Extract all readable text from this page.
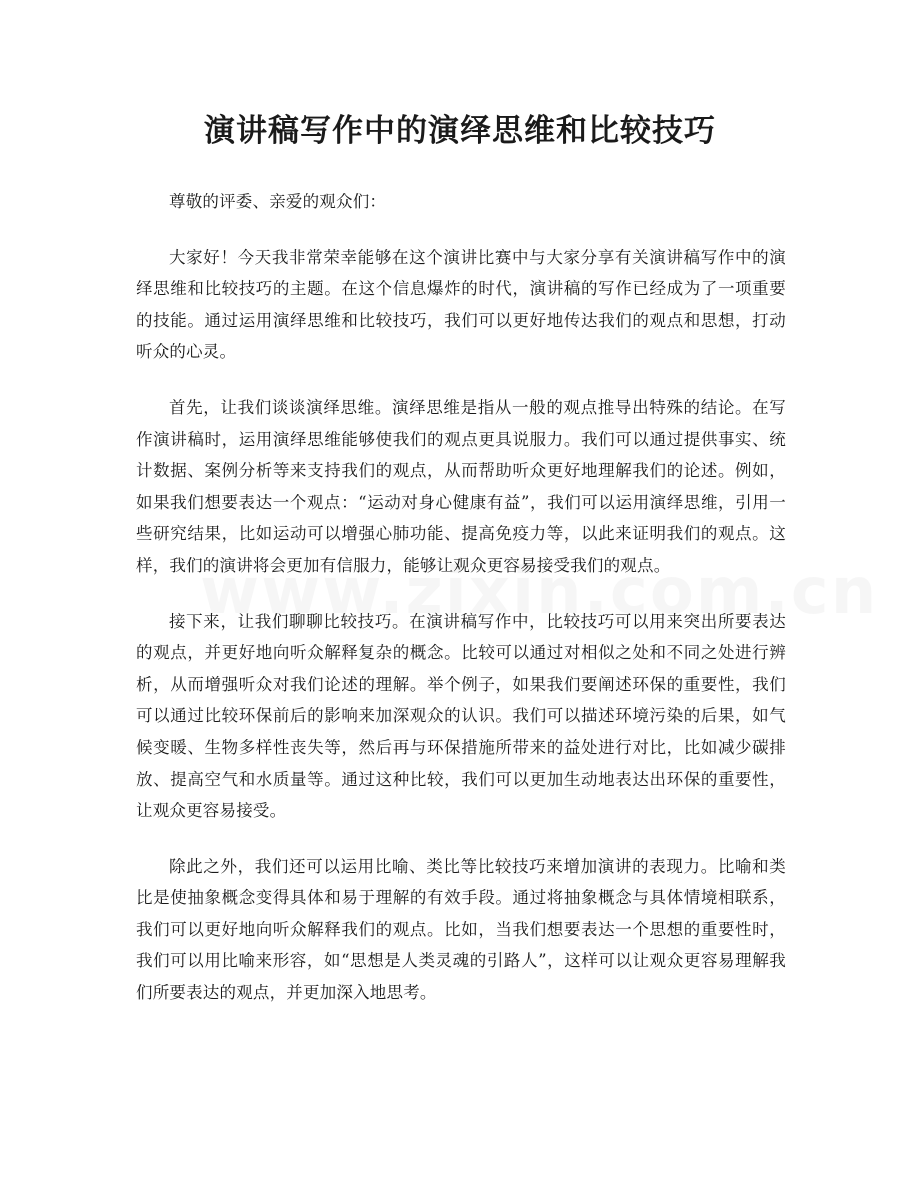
演讲稿写作中的演绎思维和比较技巧

尊敬的评委、亲爱的观众们：

大家好！今天我非常荣幸能够在这个演讲比赛中与大家分享有关演讲稿写作中的演绎思维和比较技巧的主题。在这个信息爆炸的时代，演讲稿的写作已经成为了一项重要的技能。通过运用演绎思维和比较技巧，我们可以更好地传达我们的观点和思想，打动听众的心灵。

首先，让我们谈谈演绎思维。演绎思维是指从一般的观点推导出特殊的结论。在写作演讲稿时，运用演绎思维能够使我们的观点更具说服力。我们可以通过提供事实、统计数据、案例分析等来支持我们的观点，从而帮助听众更好地理解我们的论述。例如，如果我们想要表达一个观点：“运动对身心健康有益”，我们可以运用演绎思维，引用一些研究结果，比如运动可以增强心肺功能、提高免疫力等，以此来证明我们的观点。这样，我们的演讲将会更加有信服力，能够让观众更容易接受我们的观点。

接下来，让我们聊聊比较技巧。在演讲稿写作中，比较技巧可以用来突出所要表达的观点，并更好地向听众解释复杂的概念。比较可以通过对相似之处和不同之处进行辨析，从而增强听众对我们论述的理解。举个例子，如果我们要阐述环保的重要性，我们可以通过比较环保前后的影响来加深观众的认识。我们可以描述环境污染的后果，如气候变暖、生物多样性丧失等，然后再与环保措施所带来的益处进行对比，比如减少碳排放、提高空气和水质量等。通过这种比较，我们可以更加生动地表达出环保的重要性，让观众更容易接受。

除此之外，我们还可以运用比喻、类比等比较技巧来增加演讲的表现力。比喻和类比是使抽象概念变得具体和易于理解的有效手段。通过将抽象概念与具体情境相联系，我们可以更好地向听众解释我们的观点。比如，当我们想要表达一个思想的重要性时，我们可以用比喻来形容，如“思想是人类灵魂的引路人”，这样可以让观众更容易理解我们所要表达的观点，并更加深入地思考。
